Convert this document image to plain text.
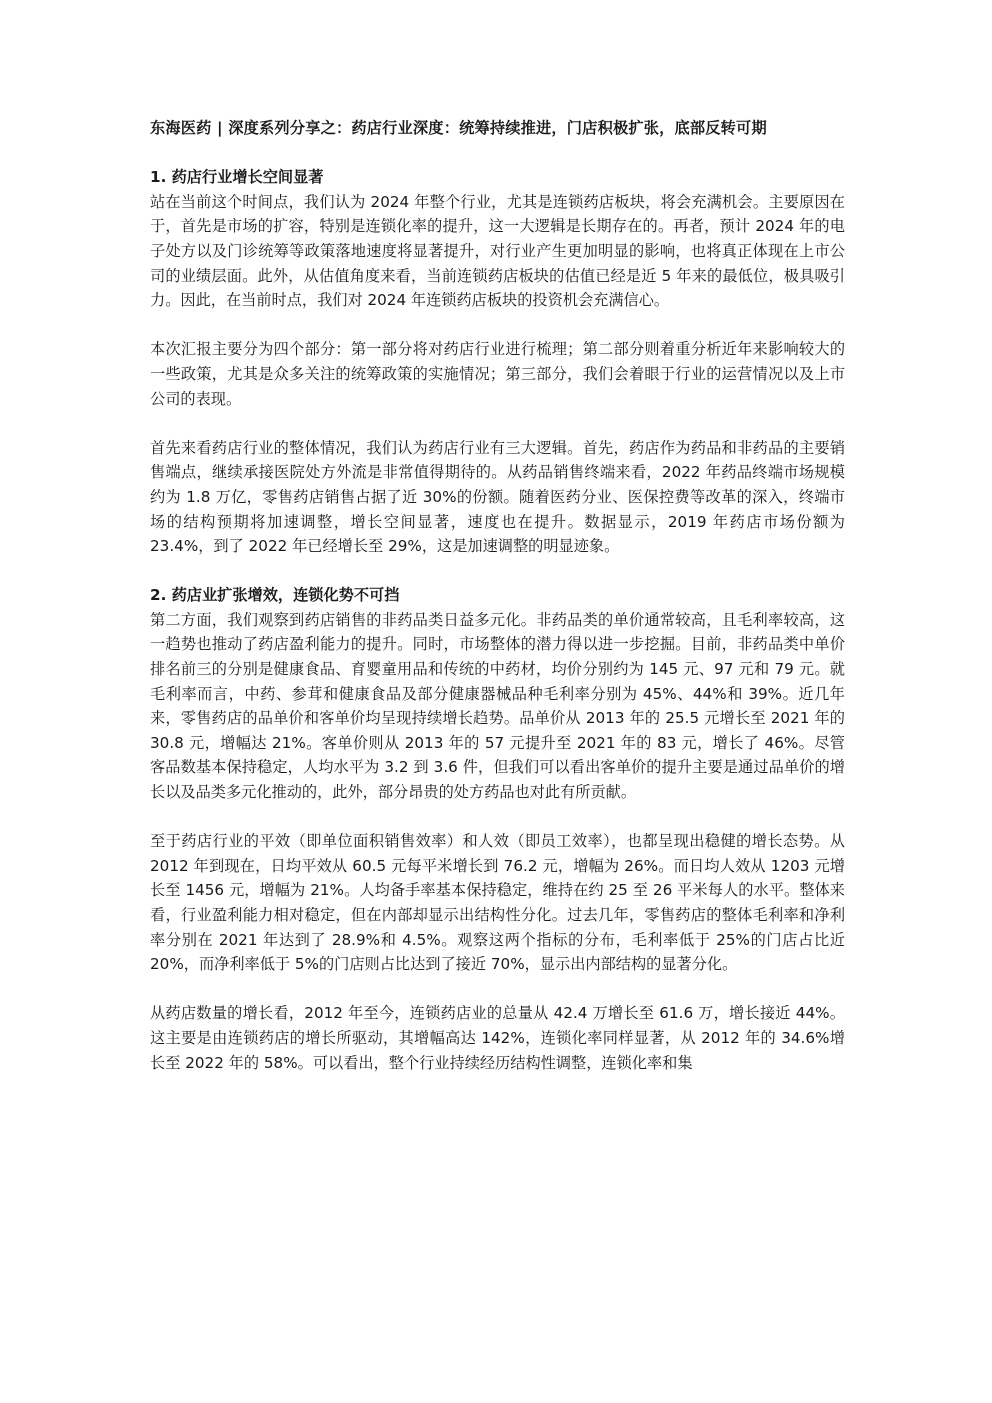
东海医药 | 深度系列分享之：药店行业深度：统筹持续推进，门店积极扩张，底部反转可期

1. 药店行业增长空间显著

站在当前这个时间点，我们认为 2024 年整个行业，尤其是连锁药店板块，将会充满机会。主要原因在于，首先是市场的扩容，特别是连锁化率的提升，这一大逻辑是长期存在的。再者，预计 2024 年的电子处方以及门诊统筹等政策落地速度将显著提升，对行业产生更加明显的影响，也将真正体现在上市公司的业绩层面。此外，从估值角度来看，当前连锁药店板块的估值已经是近 5 年来的最低位，极具吸引力。因此，在当前时点，我们对 2024 年连锁药店板块的投资机会充满信心。

本次汇报主要分为四个部分：第一部分将对药店行业进行梳理；第二部分则着重分析近年来影响较大的一些政策，尤其是众多关注的统筹政策的实施情况；第三部分，我们会着眼于行业的运营情况以及上市公司的表现。

首先来看药店行业的整体情况，我们认为药店行业有三大逻辑。首先，药店作为药品和非药品的主要销售端点，继续承接医院处方外流是非常值得期待的。从药品销售终端来看，2022 年药品终端市场规模约为 1.8 万亿，零售药店销售占据了近 30%的份额。随着医药分业、医保控费等改革的深入，终端市场的结构预期将加速调整，增长空间显著，速度也在提升。数据显示，2019 年药店市场份额为 23.4%，到了 2022 年已经增长至 29%，这是加速调整的明显迹象。

2. 药店业扩张增效，连锁化势不可挡

第二方面，我们观察到药店销售的非药品类日益多元化。非药品类的单价通常较高，且毛利率较高，这一趋势也推动了药店盈利能力的提升。同时，市场整体的潜力得以进一步挖掘。目前，非药品类中单价排名前三的分别是健康食品、育婴童用品和传统的中药材，均价分别约为 145 元、97 元和 79 元。就毛利率而言，中药、参茸和健康食品及部分健康器械品种毛利率分别为 45%、44%和 39%。近几年来，零售药店的品单价和客单价均呈现持续增长趋势。品单价从 2013 年的 25.5 元增长至 2021 年的 30.8 元，增幅达 21%。客单价则从 2013 年的 57 元提升至 2021 年的 83 元，增长了 46%。尽管客品数基本保持稳定，人均水平为 3.2 到 3.6 件，但我们可以看出客单价的提升主要是通过品单价的增长以及品类多元化推动的，此外，部分昂贵的处方药品也对此有所贡献。

至于药店行业的平效（即单位面积销售效率）和人效（即员工效率），也都呈现出稳健的增长态势。从 2012 年到现在，日均平效从 60.5 元每平米增长到 76.2 元，增幅为 26%。而日均人效从 1203 元增长至 1456 元，增幅为 21%。人均备手率基本保持稳定，维持在约 25 至 26 平米每人的水平。整体来看，行业盈利能力相对稳定，但在内部却显示出结构性分化。过去几年，零售药店的整体毛利率和净利率分别在 2021 年达到了 28.9%和 4.5%。观察这两个指标的分布，毛利率低于 25%的门店占比近 20%，而净利率低于 5%的门店则占比达到了接近 70%，显示出内部结构的显著分化。

从药店数量的增长看，2012 年至今，连锁药店业的总量从 42.4 万增长至 61.6 万，增长接近 44%。这主要是由连锁药店的增长所驱动，其增幅高达 142%，连锁化率同样显著，从 2012 年的 34.6%增长至 2022 年的 58%。可以看出，整个行业持续经历结构性调整，连锁化率和集
